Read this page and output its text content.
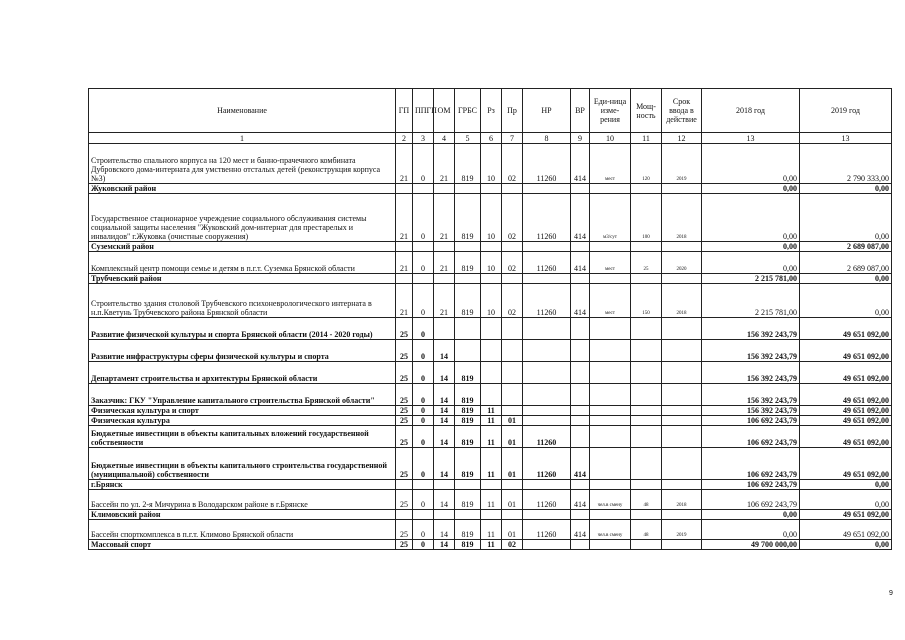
Наименование	ГП	ППГП	ОМ	ГРБС	Рз	Пр	НР	ВР	Еди-ница изме-рения	Мощ-ность	Срок ввода в действие	2018 год	2019 год
1	2	3	4	5	6	7	8	9	10	11	12	13	13
Строительство спального корпуса на 120 мест и банно-прачечного комбината Дубровского дома-интерната для умственно отсталых детей (реконструкция корпуса №3)	21	0	21	819	10	02	11260	414	мест	120	2019	0,00	2 790 333,00
Жуковский район												0,00	0,00
Государственное стационарное учреждение социального обслуживания системы социальной защиты населения "Жуковский дом-интернат для престарелых и инвалидов" г.Жуковка (очистные сооружения)	21	0	21	819	10	02	11260	414	м3/сут	100	2018	0,00	0,00
Суземский район												0,00	2 689 087,00
Комплексный центр помощи семье и детям в п.г.т. Суземка Брянской области	21	0	21	819	10	02	11260	414	мест	25	2020	0,00	2 689 087,00
Трубчевский район												2 215 781,00	0,00
Строительство здания столовой Трубчевского психоневрологического интерната в н.п.Кветунь Трубчевского района Брянской области	21	0	21	819	10	02	11260	414	мест	150	2018	2 215 781,00	0,00
Развитие физической культуры и спорта Брянской области (2014 - 2020 годы)	25	0										156 392 243,79	49 651 092,00
Развитие инфраструктуры сферы физической культуры и спорта	25	0	14									156 392 243,79	49 651 092,00
Департамент строительства и архитектуры Брянской области	25	0	14	819								156 392 243,79	49 651 092,00
Заказчик: ГКУ "Управление капитального строительства Брянской области"	25	0	14	819								156 392 243,79	49 651 092,00
Физическая культура и спорт	25	0	14	819	11							156 392 243,79	49 651 092,00
Физическая культура	25	0	14	819	11	01						106 692 243,79	49 651 092,00
Бюджетные инвестиции в объекты капитальных вложений государственной собственности	25	0	14	819	11	01	11260					106 692 243,79	49 651 092,00
Бюджетные инвестиции в объекты капитального строительства государственной (муниципальной) собственности	25	0	14	819	11	01	11260	414				106 692 243,79	49 651 092,00
г.Брянск												106 692 243,79	0,00
Бассейн по ул. 2-я Мичурина в Володарском районе в г.Брянске	25	0	14	819	11	01	11260	414	чел.в смену	48	2018	106 692 243,79	0,00
Климовский район												0,00	49 651 092,00
Бассейн спорткомплекса в п.г.т. Климово Брянской области	25	0	14	819	11	01	11260	414	чел.в смену	48	2019	0,00	49 651 092,00
Массовый спорт	25	0	14	819	11	02						49 700 000,00	0,00
9
